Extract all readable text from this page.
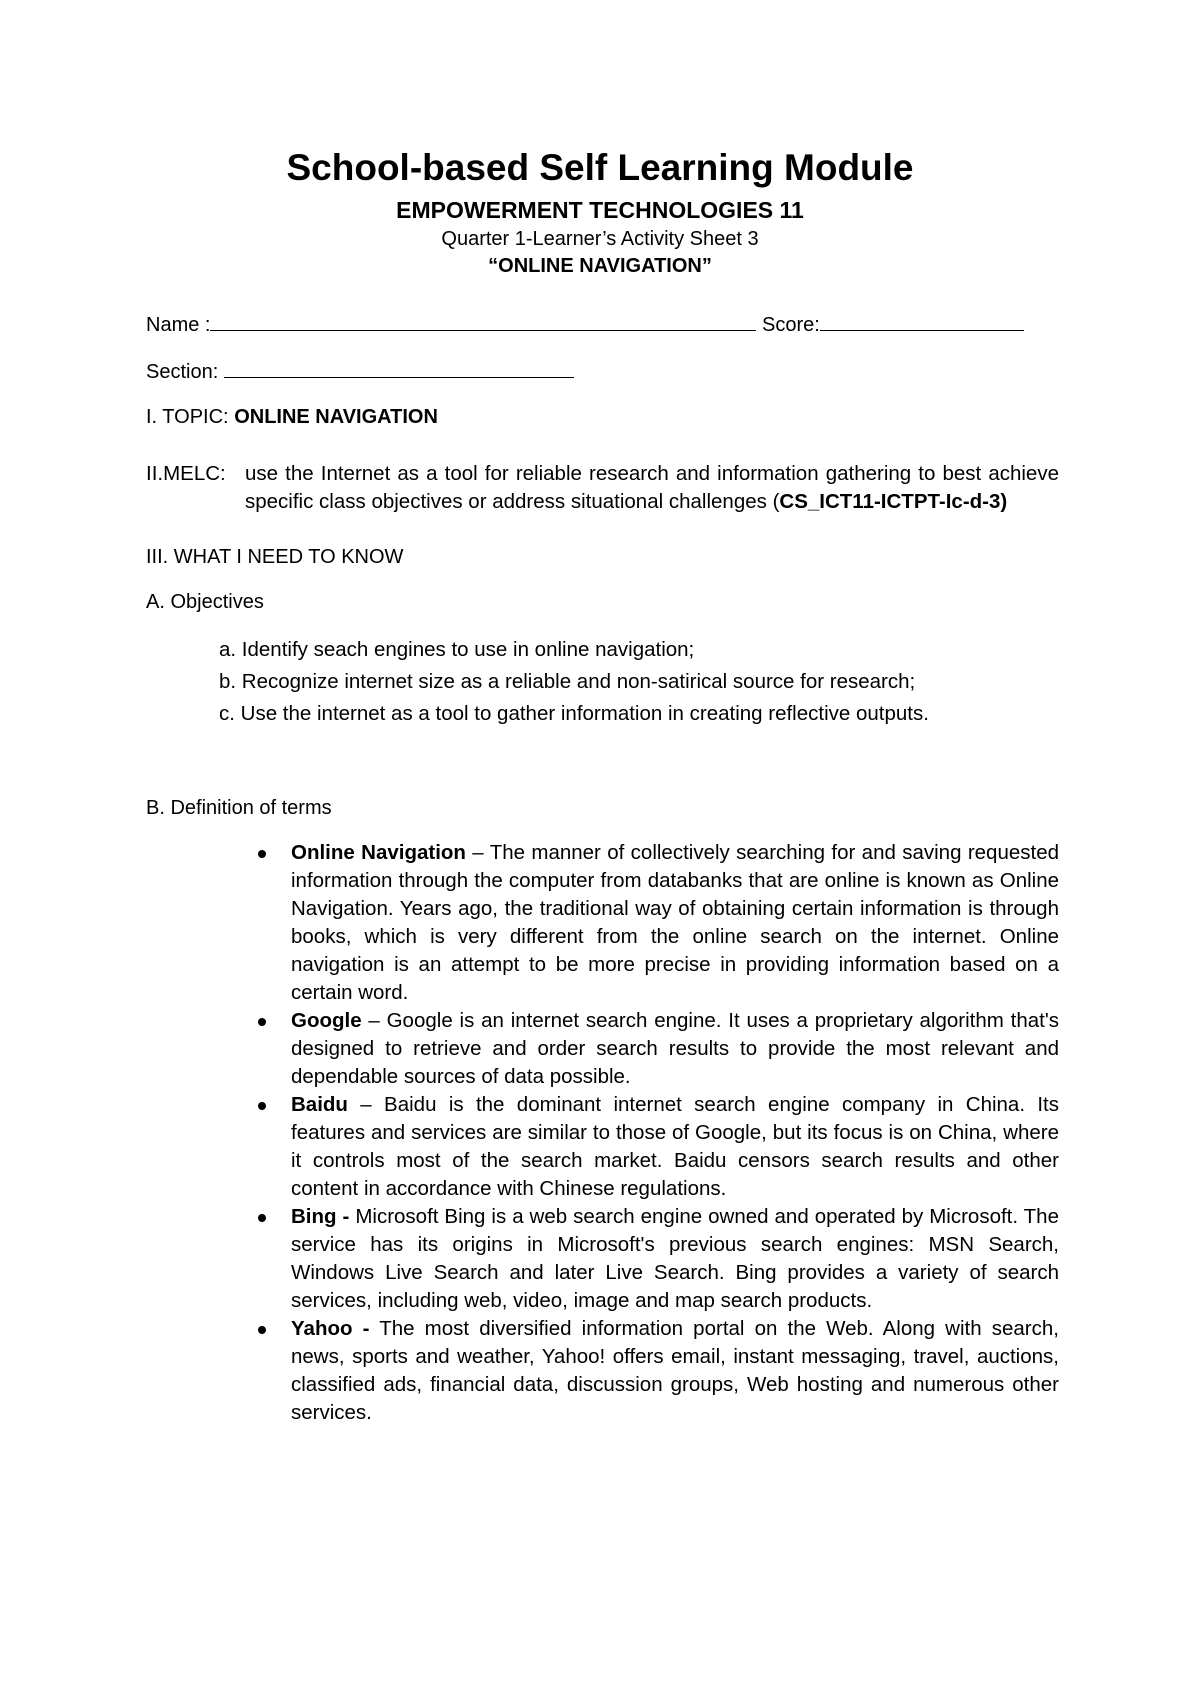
School-based Self Learning Module
EMPOWERMENT TECHNOLOGIES 11
Quarter 1-Learner’s Activity Sheet 3
“ONLINE NAVIGATION”
Name :	Score:
Section:
I. TOPIC: ONLINE NAVIGATION
II.MELC: use the Internet as a tool for reliable research and information gathering to best achieve specific class objectives or address situational challenges (CS_ICT11-ICTPT-Ic-d-3)
III. WHAT I NEED TO KNOW
A. Objectives
a. Identify seach engines to use in online navigation;
b. Recognize internet size as a reliable and non-satirical source for research;
c. Use the internet as a tool to gather information in creating reflective outputs.
B. Definition of terms
Online Navigation – The manner of collectively searching for and saving requested information through the computer from databanks that are online is known as Online Navigation. Years ago, the traditional way of obtaining certain information is through books, which is very different from the online search on the internet. Online navigation is an attempt to be more precise in providing information based on a certain word.
Google – Google is an internet search engine. It uses a proprietary algorithm that's designed to retrieve and order search results to provide the most relevant and dependable sources of data possible.
Baidu – Baidu is the dominant internet search engine company in China. Its features and services are similar to those of Google, but its focus is on China, where it controls most of the search market. Baidu censors search results and other content in accordance with Chinese regulations.
Bing - Microsoft Bing is a web search engine owned and operated by Microsoft. The service has its origins in Microsoft's previous search engines: MSN Search, Windows Live Search and later Live Search. Bing provides a variety of search services, including web, video, image and map search products.
Yahoo - The most diversified information portal on the Web. Along with search, news, sports and weather, Yahoo! offers email, instant messaging, travel, auctions, classified ads, financial data, discussion groups, Web hosting and numerous other services.
